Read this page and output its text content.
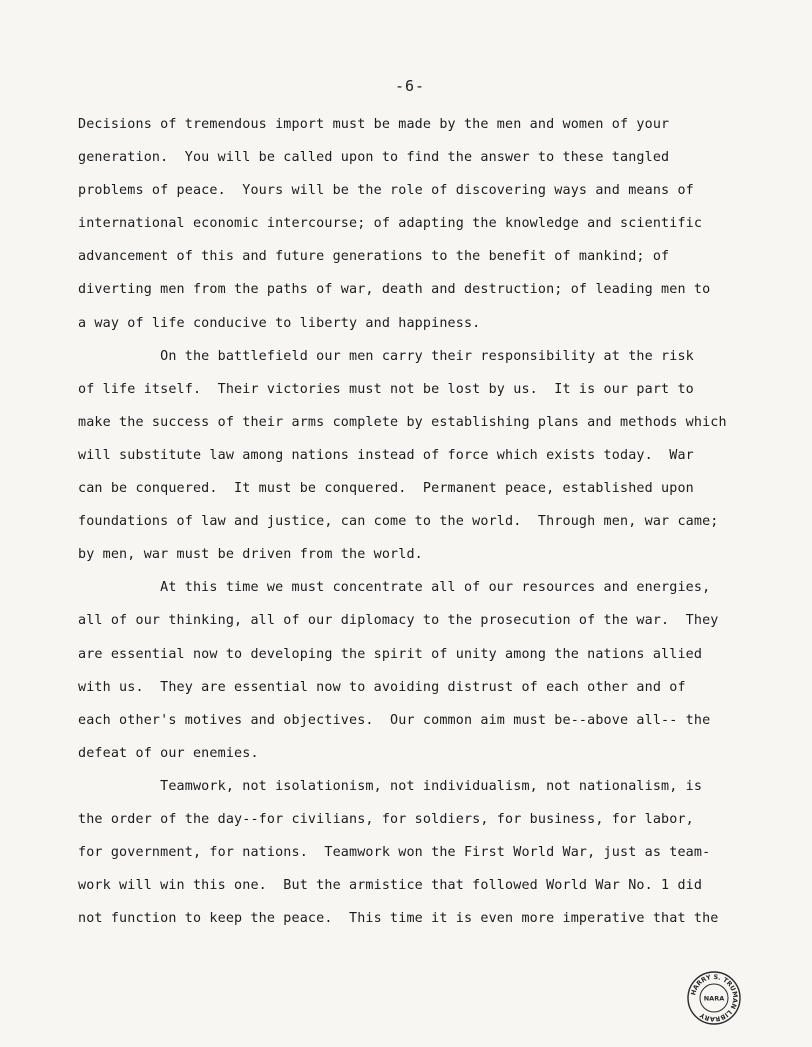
-6-
Decisions of tremendous import must be made by the men and women of your
generation.  You will be called upon to find the answer to these tangled
problems of peace.  Yours will be the role of discovering ways and means of
international economic intercourse; of adapting the knowledge and scientific
advancement of this and future generations to the benefit of mankind; of
diverting men from the paths of war, death and destruction; of leading men to
a way of life conducive to liberty and happiness.
On the battlefield our men carry their responsibility at the risk
of life itself.  Their victories must not be lost by us.  It is our part to
make the success of their arms complete by establishing plans and methods which
will substitute law among nations instead of force which exists today.  War
can be conquered.  It must be conquered.  Permanent peace, established upon
foundations of law and justice, can come to the world.  Through men, war came;
by men, war must be driven from the world.
At this time we must concentrate all of our resources and energies,
all of our thinking, all of our diplomacy to the prosecution of the war.  They
are essential now to developing the spirit of unity among the nations allied
with us.  They are essential now to avoiding distrust of each other and of
each other's motives and objectives.  Our common aim must be--above all-- the
defeat of our enemies.
Teamwork, not isolationism, not individualism, not nationalism, is
the order of the day--for civilians, for soldiers, for business, for labor,
for government, for nations.  Teamwork won the First World War, just as team-
work will win this one.  But the armistice that followed World War No. 1 did
not function to keep the peace.  This time it is even more imperative that the
HARRY S. TRUMAN LIBRARY
NARA
